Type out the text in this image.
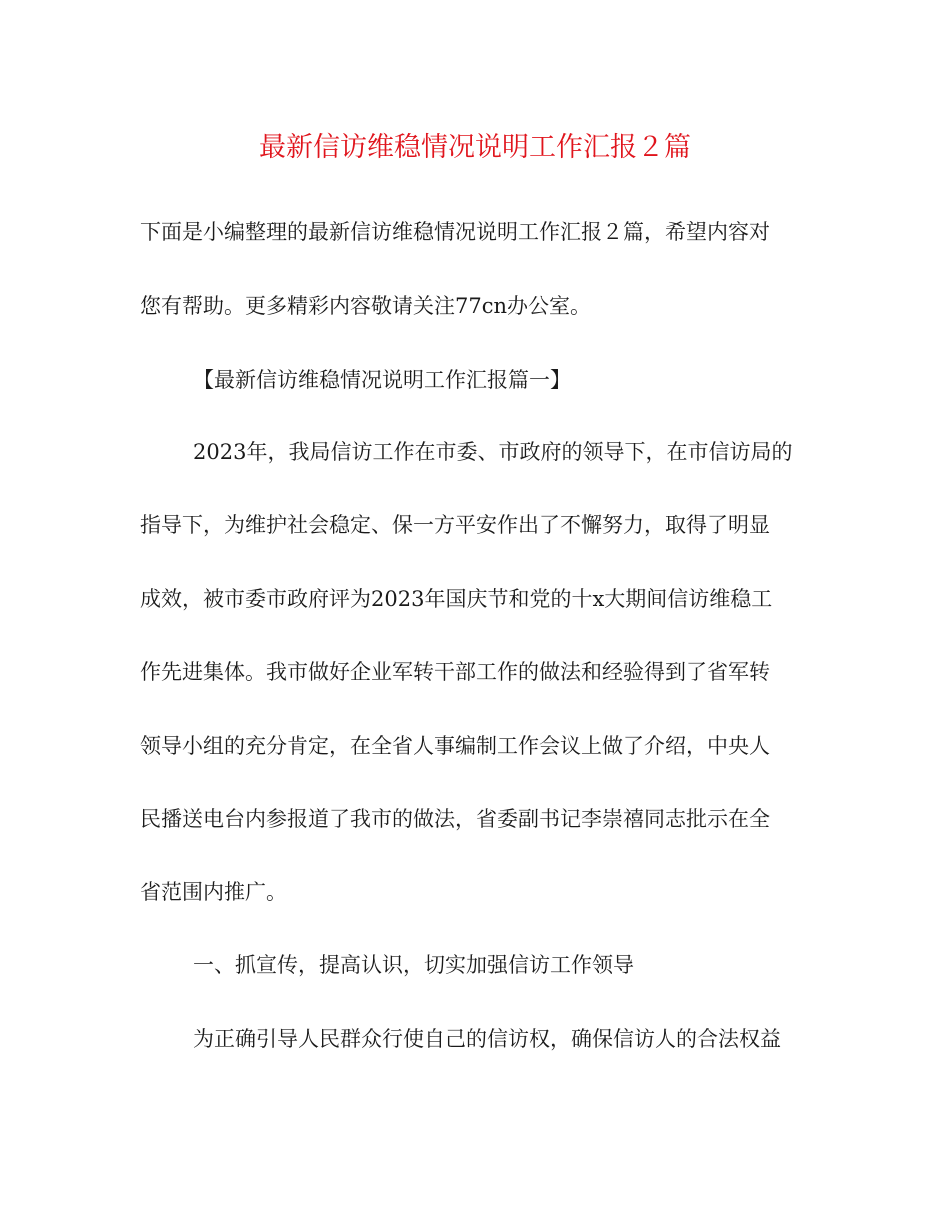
最新信访维稳情况说明工作汇报２篇
下面是小编整理的最新信访维稳情况说明工作汇报２篇，希望内容对
您有帮助。更多精彩内容敬请关注77cn办公室。
【最新信访维稳情况说明工作汇报篇一】
2023年，我局信访工作在市委、市政府的领导下，在市信访局的
指导下，为维护社会稳定、保一方平安作出了不懈努力，取得了明显
成效，被市委市政府评为2023年国庆节和党的十x大期间信访维稳工
作先进集体。我市做好企业军转干部工作的做法和经验得到了省军转
领导小组的充分肯定，在全省人事编制工作会议上做了介绍，中央人
民播送电台内参报道了我市的做法，省委副书记李崇禧同志批示在全
省范围内推广。
一、抓宣传，提高认识，切实加强信访工作领导
为正确引导人民群众行使自己的信访权，确保信访人的合法权益
